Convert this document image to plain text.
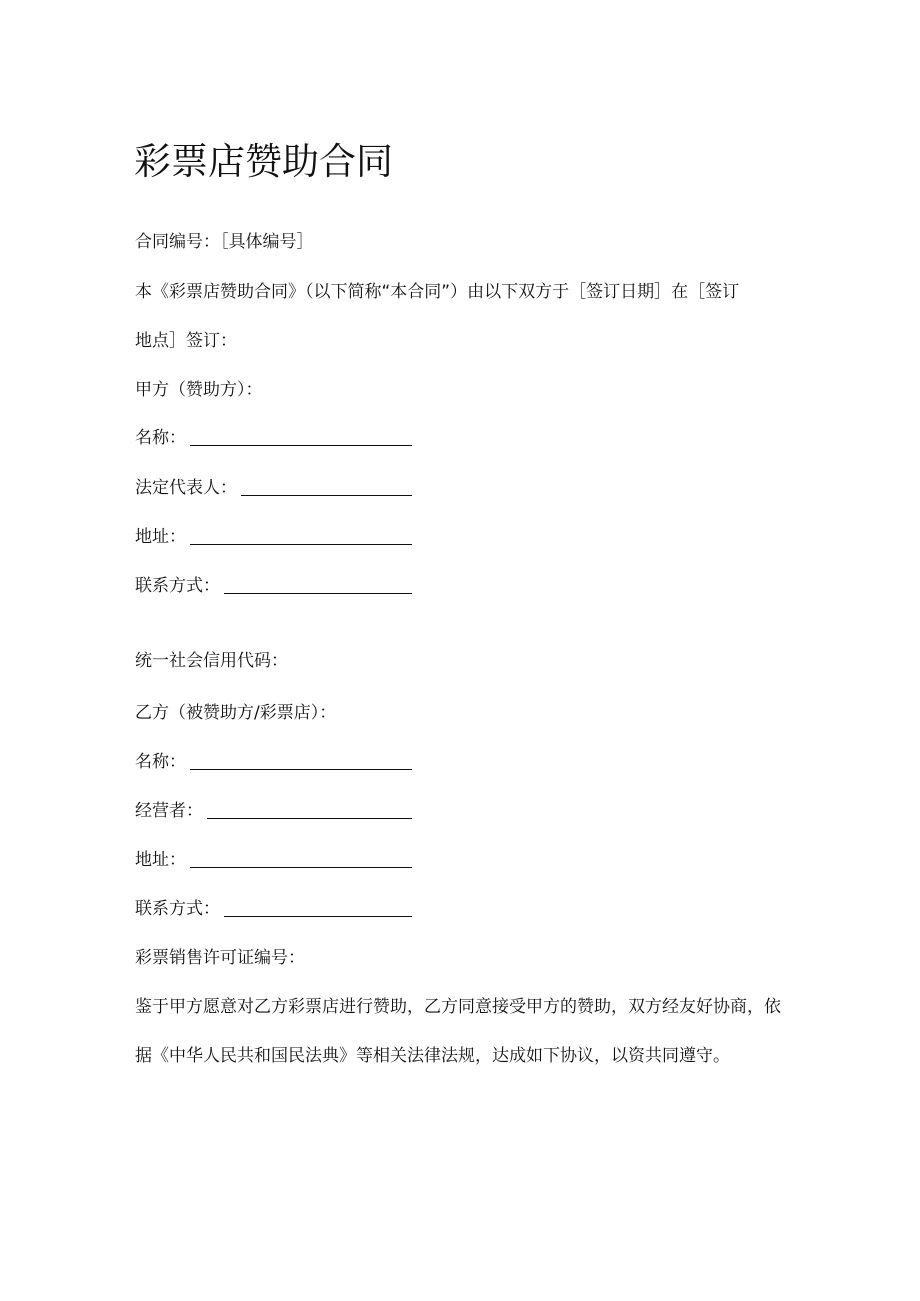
彩票店赞助合同
合同编号：［具体编号］
本《彩票店赞助合同》（以下简称“本合同”）由以下双方于［签订日期］在［签订
地点］签订：
甲方（赞助方）：
名称：
法定代表人：
地址：
联系方式：
统一社会信用代码：
乙方（被赞助方/彩票店）：
名称：
经营者：
地址：
联系方式：
彩票销售许可证编号：
鉴于甲方愿意对乙方彩票店进行赞助，乙方同意接受甲方的赞助，双方经友好协商，依
据《中华人民共和国民法典》等相关法律法规，达成如下协议，以资共同遵守。
